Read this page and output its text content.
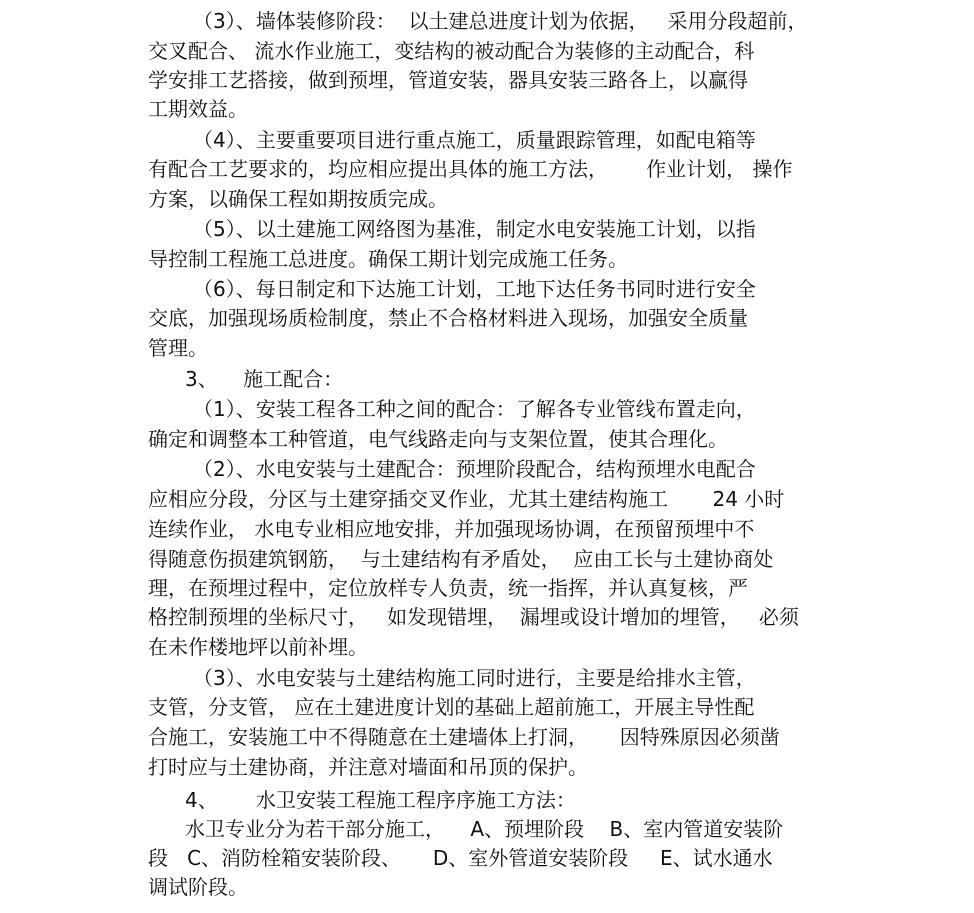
（3）、墙体装修阶段：  以土建总进度计划为依据，   采用分段超前，
交叉配合、 流水作业施工，变结构的被动配合为装修的主动配合，科
学安排工艺搭接，做到预埋，管道安装，器具安装三路各上，以赢得
工期效益。
（4）、主要重要项目进行重点施工，质量跟踪管理，如配电箱等
有配合工艺要求的，均应相应提出具体的施工方法，      作业计划， 操作
方案，以确保工程如期按质完成。
（5）、以土建施工网络图为基准，制定水电安装施工计划，以指
导控制工程施工总进度。确保工期计划完成施工任务。
（6）、每日制定和下达施工计划，工地下达任务书同时进行安全
交底，加强现场质检制度，禁止不合格材料进入现场，加强安全质量
管理。
3、    施工配合：
（1）、安装工程各工种之间的配合：了解各专业管线布置走向，
确定和调整本工种管道，电气线路走向与支架位置，使其合理化。
（2）、水电安装与土建配合：预埋阶段配合，结构预埋水电配合
应相应分段，分区与土建穿插交叉作业，尤其土建结构施工       24 小时
连续作业， 水电专业相应地安排，并加强现场协调，在预留预埋中不
得随意伤损建筑钢筋，  与土建结构有矛盾处，  应由工长与土建协商处
理，在预埋过程中，定位放样专人负责，统一指挥，并认真复核，严
格控制预埋的坐标尺寸，   如发现错埋，  漏埋或设计增加的埋管，   必须
在未作楼地坪以前补埋。
（3）、水电安装与土建结构施工同时进行，主要是给排水主管，
支管，分支管， 应在土建进度计划的基础上超前施工，开展主导性配
合施工，安装施工中不得随意在土建墙体上打洞，     因特殊原因必须凿
打时应与土建协商，并注意对墙面和吊顶的保护。
4、      水卫安装工程施工程序序施工方法：
水卫专业分为若干部分施工，    A、预埋阶段    B、室内管道安装阶
段   C、消防栓箱安装阶段、     D、室外管道安装阶段     E、试水通水
调试阶段。
